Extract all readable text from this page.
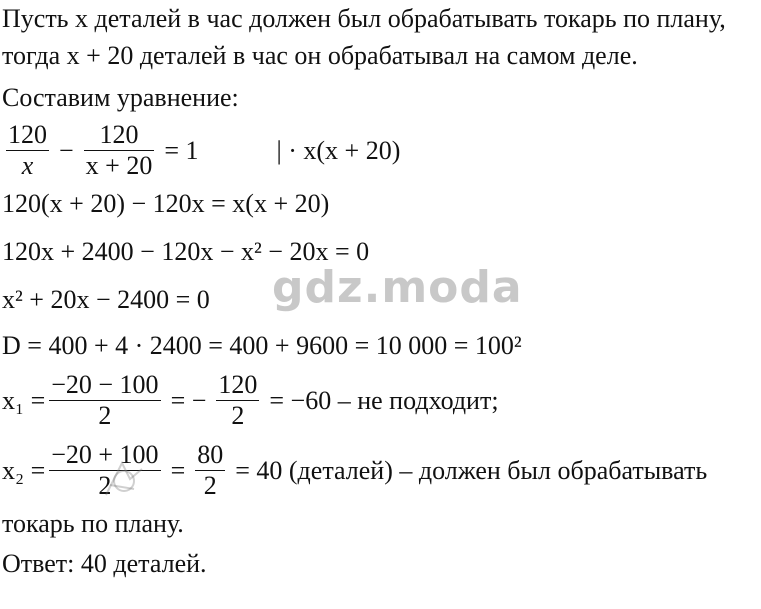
Пусть x деталей в час должен был обрабатывать токарь по плану,
тогда x + 20 деталей в час он обрабатывал на самом деле.
Составим уравнение:
$\frac{120}{x} - \frac{120}{x + 20} = 1$	| · x(x + 20)
120(x + 20) − 120x = x(x + 20)
120x + 2400 − 120x − x² − 20x = 0
x² + 20x − 2400 = 0
D = 400 + 4 · 2400 = 400 + 9600 = 10 000 = 100²
$x_1 = \frac{-20 - 100}{2}$ = − $\frac{120}{2} = -60$ – не подходит;
$x_2 = \frac{-20 + 100}{2} = \frac{80}{2} = 40$ (деталей) – должен был обрабатывать
токарь по плану.
Ответ: 40 деталей.
gdz.moda
